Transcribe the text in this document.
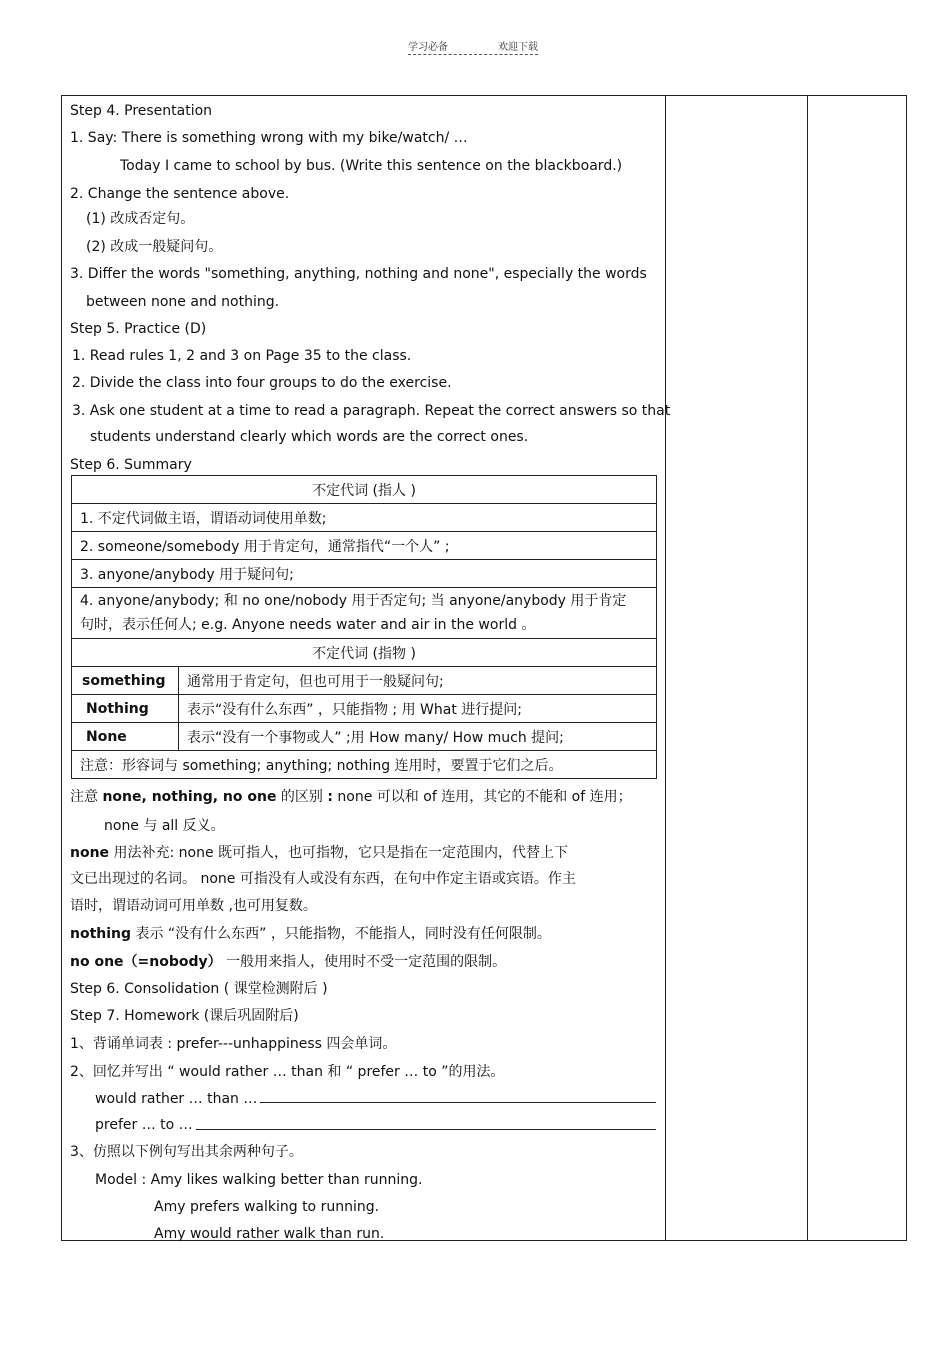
学习必备	欢迎下载
Step 4. Presentation
1. Say: There is something wrong with my bike/watch/ …
Today I came to school by bus. (Write this sentence on the blackboard.)
2. Change the sentence above.
(1) 改成否定句。
(2) 改成一般疑问句。
3. Differ the words "something, anything, nothing and none", especially the words
between none and nothing.
Step 5. Practice (D)
1. Read rules 1, 2 and 3 on Page 35 to the class.
2. Divide the class into four groups to do the exercise.
3. Ask one student at a time to read a paragraph. Repeat the correct answers so that
students understand clearly which words are the correct ones.
Step 6. Summary
不定代词 (指人 )	
1. 不定代词做主语，谓语动词使用单数;	
2. someone/somebody 用于肯定句，通常指代“一个人” ;	
3. anyone/anybody 用于疑问句;	

4. anyone/anybody; 和 no one/nobody 用于否定句; 当 anyone/anybody 用于肯定
句时，表示任何人; e.g. Anyone needs water and air in the world 。	

不定代词 (指物 )	
something	通常用于肯定句，但也可用于一般疑问句;
Nothing	表示“没有什么东西” ，只能指物 ; 用 What 进行提问;
None	表示“没有一个事物或人” ;用 How many/ How much 提问;
注意：形容词与 something; anything; nothing 连用时，要置于它们之后。	
注意 none, nothing, no one 的区别 : none 可以和 of 连用，其它的不能和 of 连用；
none 与 all 反义。
none 用法补充: none 既可指人，也可指物，它只是指在一定范围内，代替上下
文已出现过的名词。 none 可指没有人或没有东西，在句中作定主语或宾语。作主
语时，谓语动词可用单数 ,也可用复数。
nothing 表示 “没有什么东西” ，只能指物，不能指人，同时没有任何限制。
no one（=nobody） 一般用来指人，使用时不受一定范围的限制。
Step 6. Consolidation ( 课堂检测附后 )
Step 7. Homework (课后巩固附后)
1、背诵单词表 : prefer---unhappiness 四会单词。
2、回忆并写出 “ would rather … than 和 “ prefer … to ”的用法。
would rather … than …
prefer … to …
3、仿照以下例句写出其余两种句子。
Model : Amy likes walking better than running.
Amy prefers walking to running.
Amy would rather walk than run.
